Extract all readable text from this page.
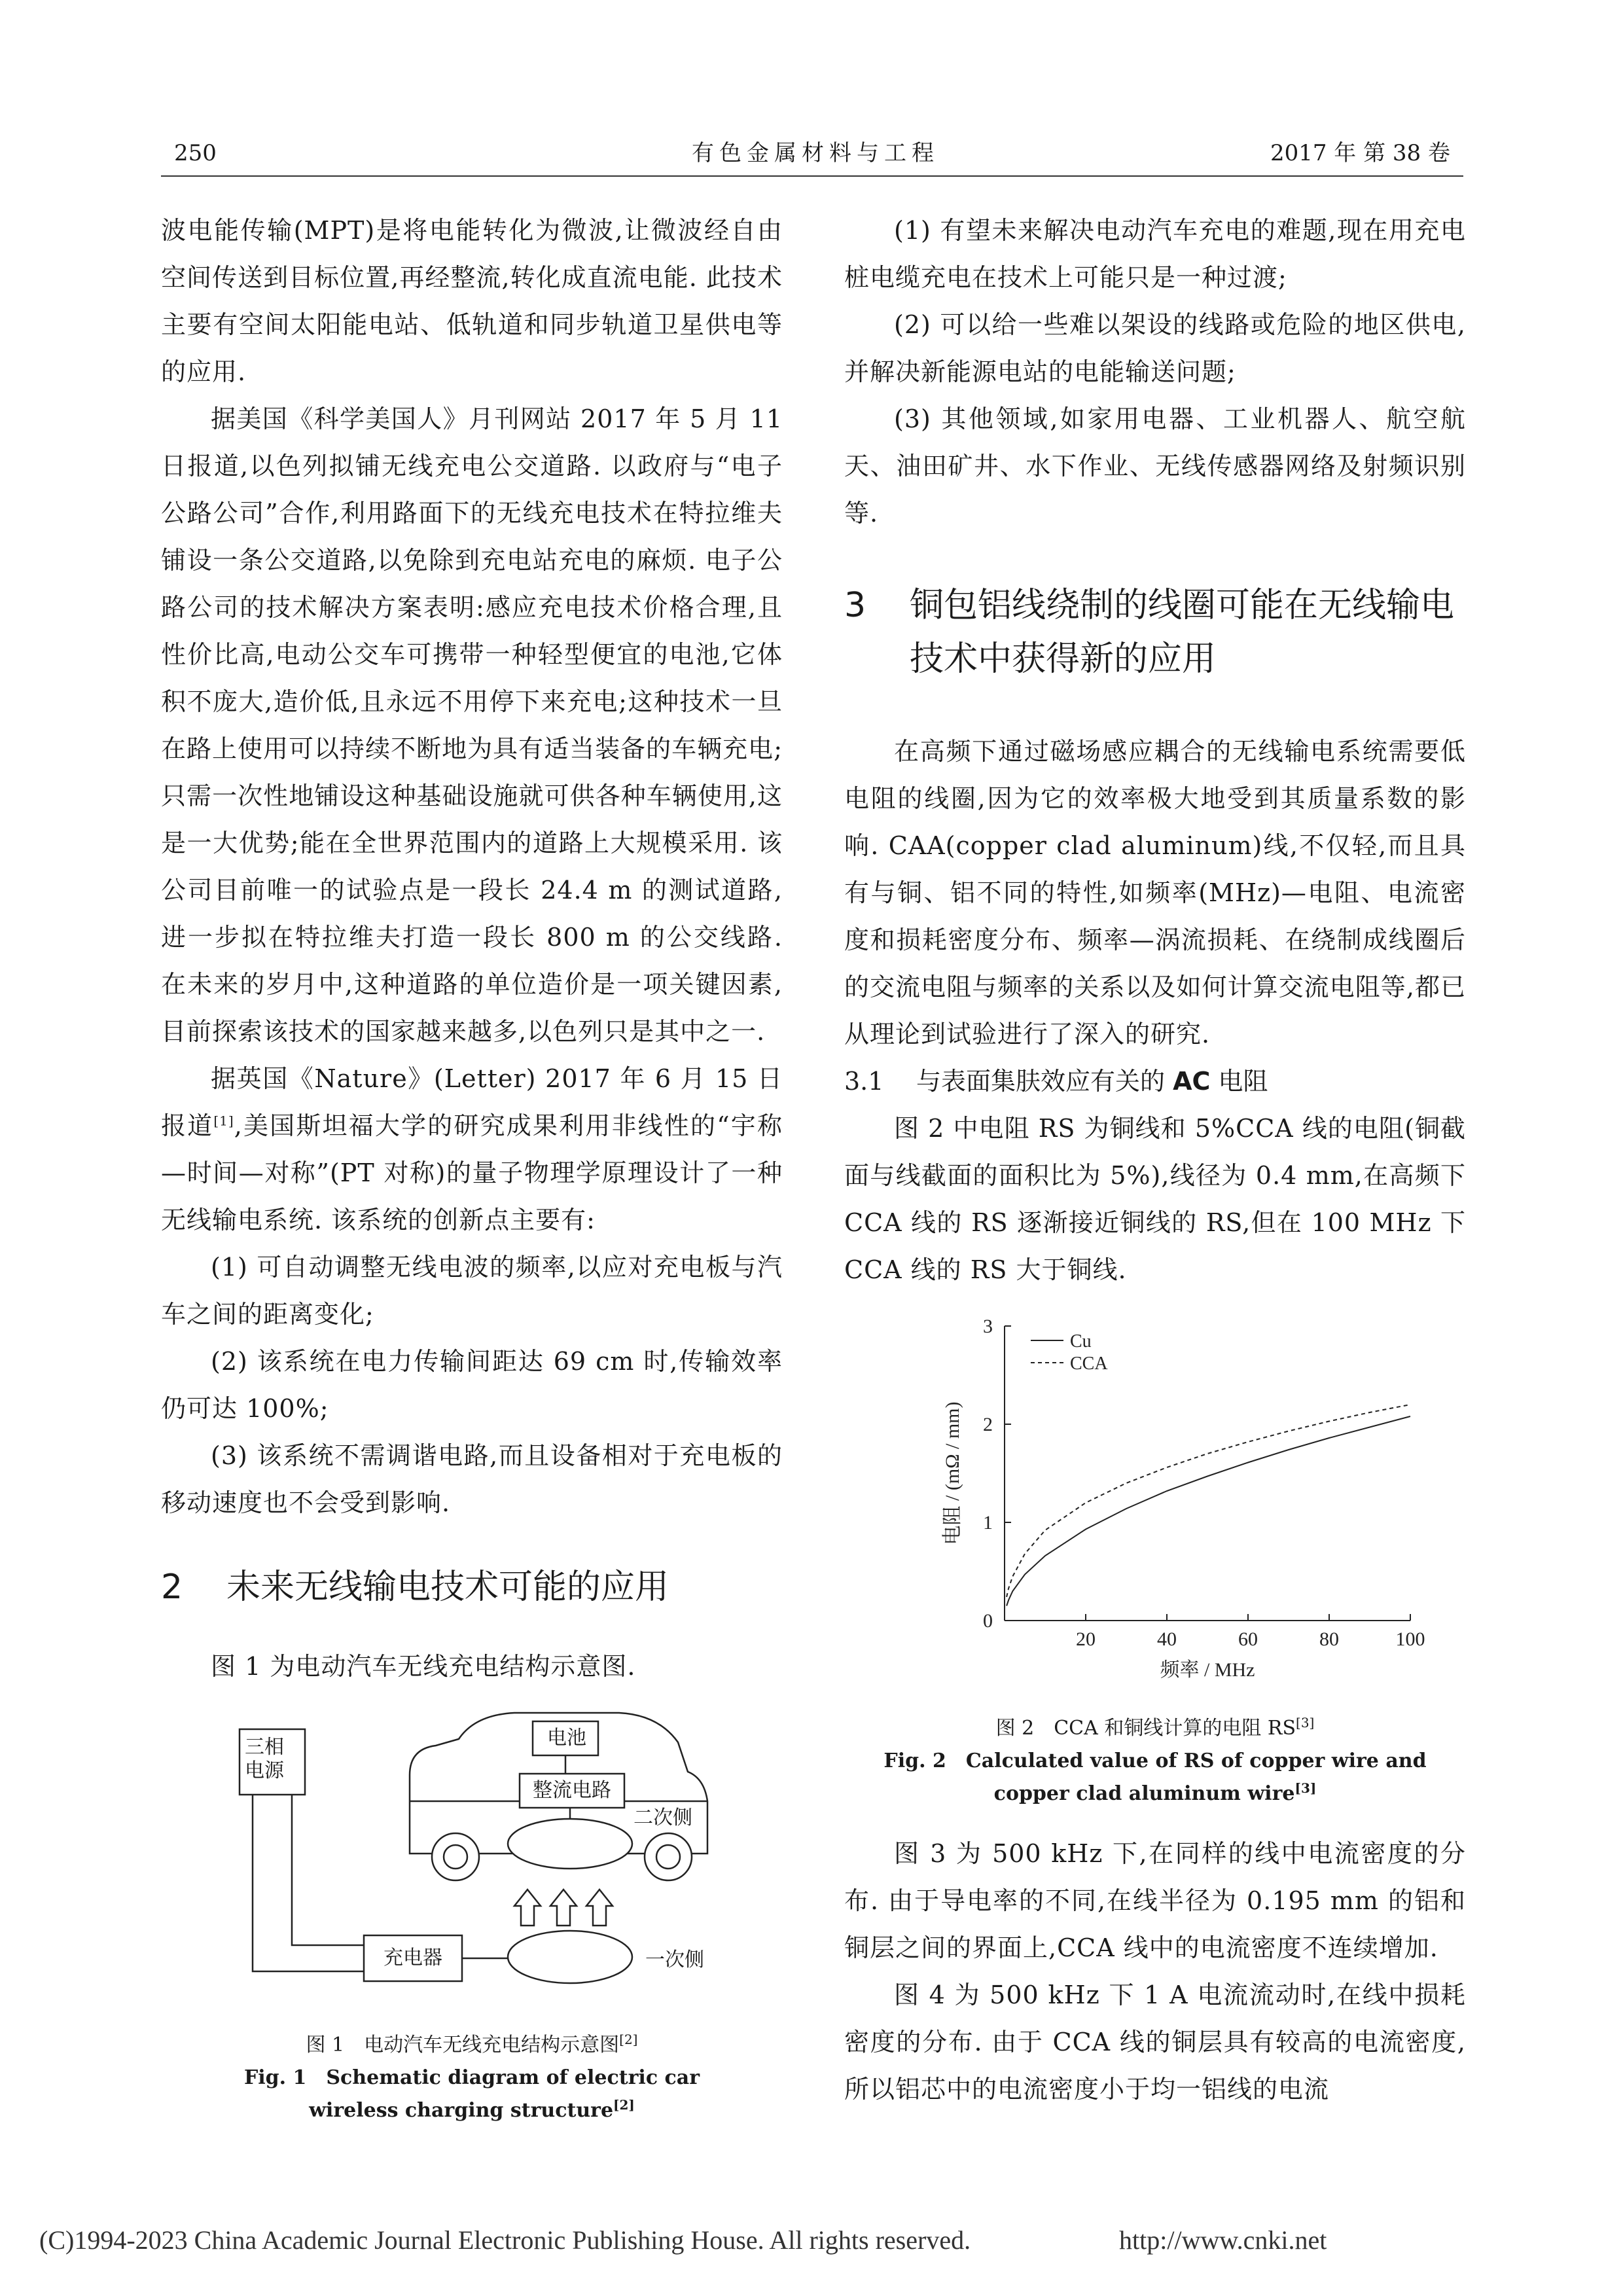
250	有色金属材料与工程	2017 年 第 38 卷

波电能传输(MPT)是将电能转化为微波,让微波经自由空间传送到目标位置,再经整流,转化成直流电能. 此技术主要有空间太阳能电站、低轨道和同步轨道卫星供电等的应用.

据美国《科学美国人》月刊网站 2017 年 5 月 11 日报道,以色列拟铺无线充电公交道路. 以政府与“电子公路公司”合作,利用路面下的无线充电技术在特拉维夫铺设一条公交道路,以免除到充电站充电的麻烦. 电子公路公司的技术解决方案表明:感应充电技术价格合理,且性价比高,电动公交车可携带一种轻型便宜的电池,它体积不庞大,造价低,且永远不用停下来充电;这种技术一旦在路上使用可以持续不断地为具有适当装备的车辆充电;只需一次性地铺设这种基础设施就可供各种车辆使用,这是一大优势;能在全世界范围内的道路上大规模采用. 该公司目前唯一的试验点是一段长 24.4 m 的测试道路,进一步拟在特拉维夫打造一段长 800 m 的公交线路. 在未来的岁月中,这种道路的单位造价是一项关键因素,目前探索该技术的国家越来越多,以色列只是其中之一.

据英国《Nature》(Letter) 2017 年 6 月 15 日报道[1],美国斯坦福大学的研究成果利用非线性的“宇称—时间—对称”(PT 对称)的量子物理学原理设计了一种无线输电系统. 该系统的创新点主要有:

(1) 可自动调整无线电波的频率,以应对充电板与汽车之间的距离变化;

(2) 该系统在电力传输间距达 69 cm 时,传输效率仍可达 100%;

(3) 该系统不需调谐电路,而且设备相对于充电板的移动速度也不会受到影响.

2	未来无线输电技术可能的应用

图 1 为电动汽车无线充电结构示意图.

三相
电源
电池
整流电路
二次侧
充电器	一次侧
图 1　电动汽车无线充电结构示意图[2]
Fig. 1　Schematic diagram of electric car
wireless charging structure[2]

(1) 有望未来解决电动汽车充电的难题,现在用充电桩电缆充电在技术上可能只是一种过渡;

(2) 可以给一些难以架设的线路或危险的地区供电,并解决新能源电站的电能输送问题;

(3) 其他领域,如家用电器、工业机器人、航空航天、油田矿井、水下作业、无线传感器网络及射频识别等.

3	铜包铝线绕制的线圈可能在无线输电技术中获得新的应用

在高频下通过磁场感应耦合的无线输电系统需要低电阻的线圈,因为它的效率极大地受到其质量系数的影响. CAA(copper clad aluminum)线,不仅轻,而且具有与铜、铝不同的特性,如频率(MHz)—电阻、电流密度和损耗密度分布、频率—涡流损耗、在绕制成线圈后的交流电阻与频率的关系以及如何计算交流电阻等,都已从理论到试验进行了深入的研究.

3.1	与表面集肤效应有关的 AC 电阻

图 2 中电阻 RS 为铜线和 5%CCA 线的电阻(铜截面与线截面的面积比为 5%),线径为 0.4 mm,在高频下 CCA 线的 RS 逐渐接近铜线的 RS,但在 100 MHz 下 CCA 线的 RS 大于铜线.

20	40	60	80	100
0
1
2
3
频率 / MHz
电阻 / (mΩ / mm)
Cu
CCA
图 2　CCA 和铜线计算的电阻 RS[3]
Fig. 2　Calculated value of RS of copper wire and
copper clad aluminum wire[3]

图 3 为 500 kHz 下,在同样的线中电流密度的分布. 由于导电率的不同,在线半径为 0.195 mm 的铝和铜层之间的界面上,CCA 线中的电流密度不连续增加.

图 4 为 500 kHz 下 1 A 电流流动时,在线中损耗密度的分布. 由于 CCA 线的铜层具有较高的电流密度,所以铝芯中的电流密度小于均一铝线的电流

(C)1994-2023 China Academic Journal Electronic Publishing House. All rights reserved.	http://www.cnki.net
